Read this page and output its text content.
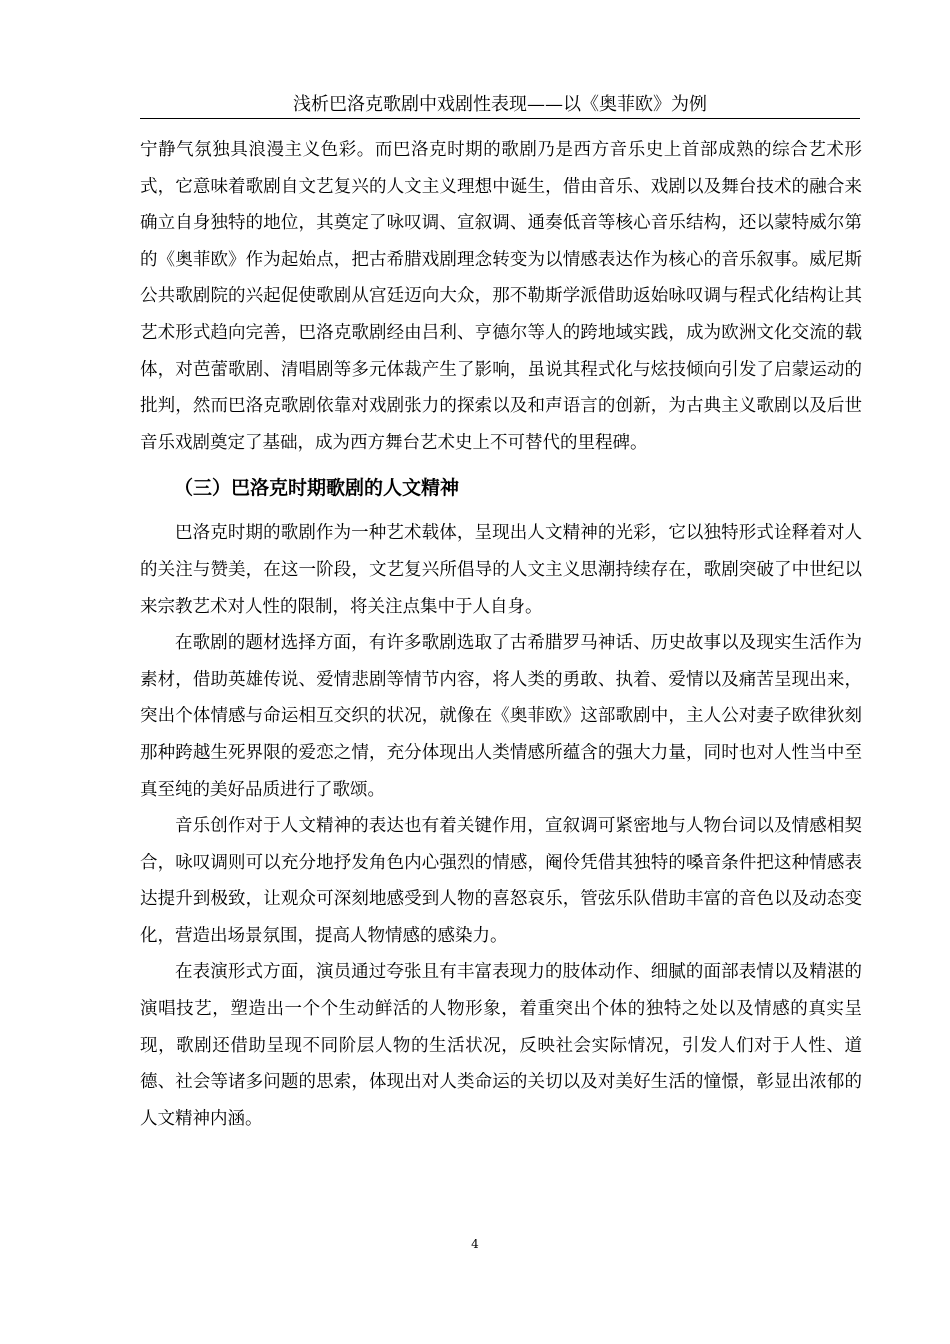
浅析巴洛克歌剧中戏剧性表现——以《奥菲欧》为例

宁静气氛独具浪漫主义色彩。而巴洛克时期的歌剧乃是西方音乐史上首部成熟的综合艺术形式，它意味着歌剧自文艺复兴的人文主义理想中诞生，借由音乐、戏剧以及舞台技术的融合来确立自身独特的地位，其奠定了咏叹调、宣叙调、通奏低音等核心音乐结构，还以蒙特威尔第的《奥菲欧》作为起始点，把古希腊戏剧理念转变为以情感表达作为核心的音乐叙事。威尼斯公共歌剧院的兴起促使歌剧从宫廷迈向大众，那不勒斯学派借助返始咏叹调与程式化结构让其艺术形式趋向完善，巴洛克歌剧经由吕利、亨德尔等人的跨地域实践，成为欧洲文化交流的载体，对芭蕾歌剧、清唱剧等多元体裁产生了影响，虽说其程式化与炫技倾向引发了启蒙运动的批判，然而巴洛克歌剧依靠对戏剧张力的探索以及和声语言的创新，为古典主义歌剧以及后世音乐戏剧奠定了基础，成为西方舞台艺术史上不可替代的里程碑。

（三）巴洛克时期歌剧的人文精神

巴洛克时期的歌剧作为一种艺术载体，呈现出人文精神的光彩，它以独特形式诠释着对人的关注与赞美，在这一阶段，文艺复兴所倡导的人文主义思潮持续存在，歌剧突破了中世纪以来宗教艺术对人性的限制，将关注点集中于人自身。

在歌剧的题材选择方面，有许多歌剧选取了古希腊罗马神话、历史故事以及现实生活作为素材，借助英雄传说、爱情悲剧等情节内容，将人类的勇敢、执着、爱情以及痛苦呈现出来，突出个体情感与命运相互交织的状况，就像在《奥菲欧》这部歌剧中，主人公对妻子欧律狄刻那种跨越生死界限的爱恋之情，充分体现出人类情感所蕴含的强大力量，同时也对人性当中至真至纯的美好品质进行了歌颂。

音乐创作对于人文精神的表达也有着关键作用，宣叙调可紧密地与人物台词以及情感相契合，咏叹调则可以充分地抒发角色内心强烈的情感，阉伶凭借其独特的嗓音条件把这种情感表达提升到极致，让观众可深刻地感受到人物的喜怒哀乐，管弦乐队借助丰富的音色以及动态变化，营造出场景氛围，提高人物情感的感染力。

在表演形式方面，演员通过夸张且有丰富表现力的肢体动作、细腻的面部表情以及精湛的演唱技艺，塑造出一个个生动鲜活的人物形象，着重突出个体的独特之处以及情感的真实呈现，歌剧还借助呈现不同阶层人物的生活状况，反映社会实际情况，引发人们对于人性、道德、社会等诸多问题的思索，体现出对人类命运的关切以及对美好生活的憧憬，彰显出浓郁的人文精神内涵。

4
